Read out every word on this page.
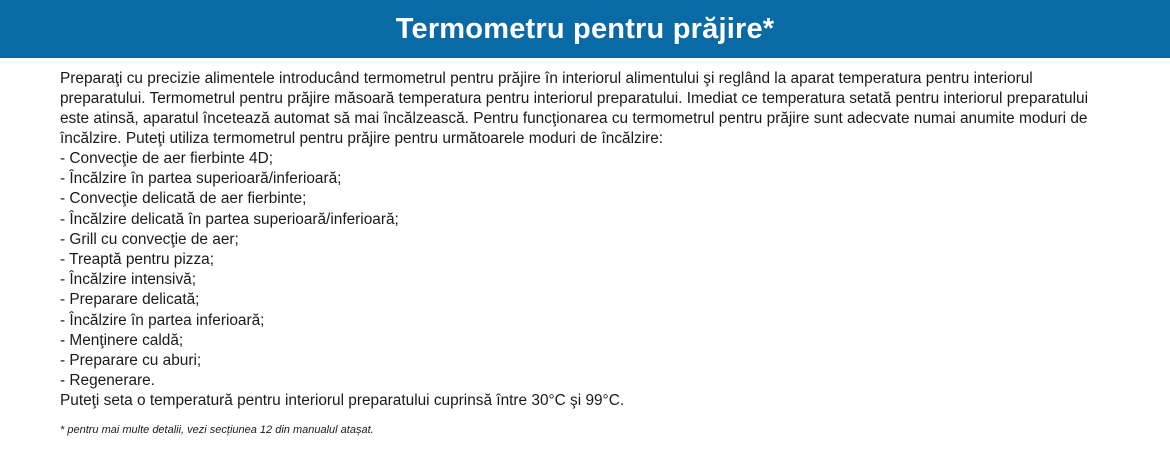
Termometru pentru prăjire*

Preparaţi cu precizie alimentele introducând termometrul pentru prăjire în interiorul alimentului şi reglând la aparat temperatura pentru interiorul preparatului. Termometrul pentru prăjire măsoară temperatura pentru interiorul preparatului. Imediat ce temperatura setată pentru interiorul preparatului este atinsă, aparatul încetează automat să mai încălzească. Pentru funcţionarea cu termometrul pentru prăjire sunt adecvate numai anumite moduri de încălzire. Puteţi utiliza termometrul pentru prăjire pentru următoarele moduri de încălzire:

- Convecţie de aer fierbinte 4D;
- Încălzire în partea superioară/inferioară;
- Convecţie delicată de aer fierbinte;
- Încălzire delicată în partea superioară/inferioară;
- Grill cu convecţie de aer;
- Treaptă pentru pizza;
- Încălzire intensivă;
- Preparare delicată;
- Încălzire în partea inferioară;
- Menţinere caldă;
- Preparare cu aburi;
- Regenerare.

Puteţi seta o temperatură pentru interiorul preparatului cuprinsă între 30°C şi 99°C.

* pentru mai multe detalii, vezi secțiunea 12 din manualul atașat.
